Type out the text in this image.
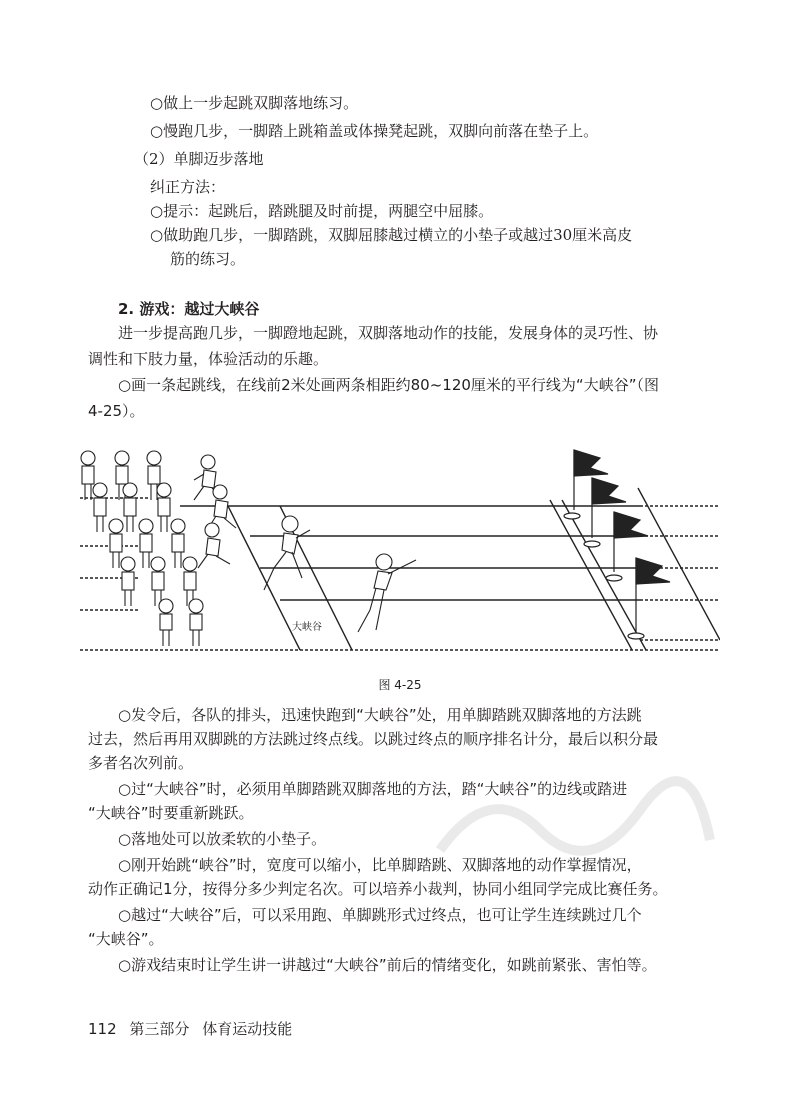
○做上一步起跳双脚落地练习。
○慢跑几步，一脚踏上跳箱盖或体操凳起跳，双脚向前落在垫子上。
（2）单脚迈步落地
纠正方法：
○提示：起跳后，踏跳腿及时前提，两腿空中屈膝。
○做助跑几步，一脚踏跳，双脚屈膝越过横立的小垫子或越过30厘米高皮
筋的练习。
2. 游戏：越过大峡谷
进一步提高跑几步，一脚蹬地起跳，双脚落地动作的技能，发展身体的灵巧性、协
调性和下肢力量，体验活动的乐趣。
○画一条起跳线，在线前2米处画两条相距约80~120厘米的平行线为“大峡谷”（图
4-25）。
大峡谷
图 4-25
○发令后，各队的排头，迅速快跑到“大峡谷”处，用单脚踏跳双脚落地的方法跳
过去，然后再用双脚跳的方法跳过终点线。以跳过终点的顺序排名计分，最后以积分最
多者名次列前。
○过“大峡谷”时，必须用单脚踏跳双脚落地的方法，踏“大峡谷”的边线或踏进
“大峡谷”时要重新跳跃。
○落地处可以放柔软的小垫子。
○刚开始跳“峡谷”时，宽度可以缩小，比单脚踏跳、双脚落地的动作掌握情况，
动作正确记1分，按得分多少判定名次。可以培养小裁判，协同小组同学完成比赛任务。
○越过“大峡谷”后，可以采用跑、单脚跳形式过终点，也可让学生连续跳过几个
“大峡谷”。
○游戏结束时让学生讲一讲越过“大峡谷”前后的情绪变化，如跳前紧张、害怕等。
112 第三部分 体育运动技能
